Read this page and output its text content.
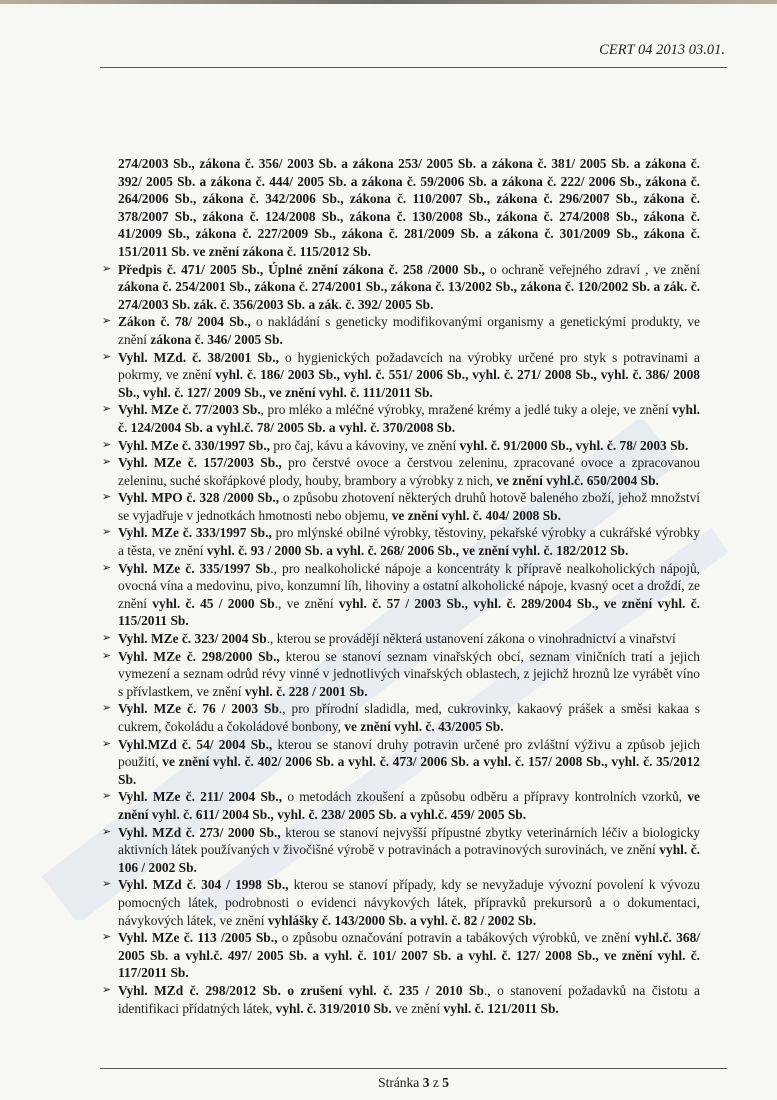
CERT 04 2013 03.01.
274/2003 Sb., zákona č. 356/ 2003 Sb. a zákona 253/ 2005 Sb. a zákona č. 381/ 2005 Sb. a zákona č. 392/ 2005 Sb. a zákona č. 444/ 2005 Sb. a zákona č. 59/2006 Sb. a zákona č. 222/ 2006 Sb., zákona č. 264/2006 Sb., zákona č. 342/2006 Sb., zákona č. 110/2007 Sb., zákona č. 296/2007 Sb., zákona č. 378/2007 Sb., zákona č. 124/2008 Sb., zákona č. 130/2008 Sb., zákona č. 274/2008 Sb., zákona č. 41/2009 Sb., zákona č. 227/2009 Sb., zákona č. 281/2009 Sb. a zákona č. 301/2009 Sb., zákona č. 151/2011 Sb. ve znění zákona č. 115/2012 Sb.
➢ Předpis č. 471/ 2005 Sb., Úplné znění zákona č. 258 /2000 Sb., o ochraně veřejného zdraví , ve znění zákona č. 254/2001 Sb., zákona č. 274/2001 Sb., zákona č. 13/2002 Sb., zákona č. 120/2002 Sb. a zák. č. 274/2003 Sb. zák. č. 356/2003 Sb. a zák. č. 392/ 2005 Sb.
➢ Zákon č. 78/ 2004 Sb., o nakládání s geneticky modifikovanými organismy a genetickými produkty, ve znění zákona č. 346/ 2005 Sb.
➢ Vyhl. MZd. č. 38/2001 Sb., o hygienických požadavcích na výrobky určené pro styk s potravinami a pokrmy, ve znění vyhl. č. 186/ 2003 Sb., vyhl. č. 551/ 2006 Sb., vyhl. č. 271/ 2008 Sb., vyhl. č. 386/ 2008 Sb., vyhl. č. 127/ 2009 Sb., ve znění vyhl. č. 111/2011 Sb.
➢ Vyhl. MZe č. 77/2003 Sb., pro mléko a mléčné výrobky, mražené krémy a jedlé tuky a oleje, ve znění vyhl. č. 124/2004 Sb. a vyhl.č. 78/ 2005 Sb. a vyhl. č. 370/2008 Sb.
➢ Vyhl. MZe č. 330/1997 Sb., pro čaj, kávu a kávoviny, ve znění vyhl. č. 91/2000 Sb., vyhl. č. 78/ 2003 Sb.
➢ Vyhl. MZe č. 157/2003 Sb., pro čerstvé ovoce a čerstvou zeleninu, zpracované ovoce a zpracovanou zeleninu, suché skořápkové plody, houby, brambory a výrobky z nich, ve znění vyhl.č. 650/2004 Sb.
➢ Vyhl. MPO č. 328 /2000 Sb., o způsobu zhotovení některých druhů hotově baleného zboží, jehož množství se vyjadřuje v jednotkách hmotnosti nebo objemu, ve znění vyhl. č. 404/ 2008 Sb.
➢ Vyhl. MZe č. 333/1997 Sb., pro mlýnské obilné výrobky, těstoviny, pekařské výrobky a cukrářské výrobky a těsta, ve znění vyhl. č. 93 / 2000 Sb. a vyhl. č. 268/ 2006 Sb., ve znění vyhl. č. 182/2012 Sb.
➢ Vyhl. MZe č. 335/1997 Sb., pro nealkoholické nápoje a koncentráty k přípravě nealkoholických nápojů, ovocná vína a medovinu, pivo, konzumní líh, lihoviny a ostatní alkoholické nápoje, kvasný ocet a droždí, ze znění vyhl. č. 45 / 2000 Sb., ve znění vyhl. č. 57 / 2003 Sb., vyhl. č. 289/2004 Sb., ve znění vyhl. č. 115/2011 Sb.
➢ Vyhl. MZe č. 323/ 2004 Sb., kterou se provádějí některá ustanovení zákona o vinohradnictví a vinařství
➢ Vyhl. MZe č. 298/2000 Sb., kterou se stanoví seznam vinařských obcí, seznam viničních tratí a jejich vymezení a seznam odrůd révy vinné v jednotlivých vinařských oblastech, z jejichž hroznů lze vyrábět víno s přívlastkem, ve znění vyhl. č. 228 / 2001 Sb.
➢ Vyhl. MZe č. 76 / 2003 Sb., pro přírodní sladidla, med, cukrovinky, kakaový prášek a směsi kakaa s cukrem, čokoládu a čokoládové bonbony, ve znění vyhl. č. 43/2005 Sb.
➢ Vyhl.MZd č. 54/ 2004 Sb., kterou se stanoví druhy potravin určené pro zvláštní výživu a způsob jejich použití, ve znění vyhl. č. 402/ 2006 Sb. a vyhl. č. 473/ 2006 Sb. a vyhl. č. 157/ 2008 Sb., vyhl. č. 35/2012 Sb.
➢ Vyhl. MZe č. 211/ 2004 Sb., o metodách zkoušení a způsobu odběru a přípravy kontrolních vzorků, ve znění vyhl. č. 611/ 2004 Sb., vyhl. č. 238/ 2005 Sb. a vyhl.č. 459/ 2005 Sb.
➢ Vyhl. MZd č. 273/ 2000 Sb., kterou se stanoví nejvyšší přípustné zbytky veterinárních léčiv a biologicky aktivních látek používaných v živočišné výrobě v potravinách a potravinových surovinách, ve znění vyhl. č. 106 / 2002 Sb.
➢ Vyhl. MZd č. 304 / 1998 Sb., kterou se stanoví případy, kdy se nevyžaduje vývozní povolení k vývozu pomocných látek, podrobnosti o evidenci návykových látek, přípravků prekursorů a o dokumentaci, návykových látek, ve znění vyhlášky č. 143/2000 Sb. a vyhl. č. 82 / 2002 Sb.
➢ Vyhl. MZe č. 113 /2005 Sb., o způsobu označování potravin a tabákových výrobků, ve znění vyhl.č. 368/ 2005 Sb. a vyhl.č. 497/ 2005 Sb. a vyhl. č. 101/ 2007 Sb. a vyhl. č. 127/ 2008 Sb., ve znění vyhl. č. 117/2011 Sb.
➢ Vyhl. MZd č. 298/2012 Sb. o zrušení vyhl. č. 235 / 2010 Sb., o stanovení požadavků na čistotu a identifikaci přídatných látek, vyhl. č. 319/2010 Sb. ve znění vyhl. č. 121/2011 Sb.
Stránka 3 z 5
